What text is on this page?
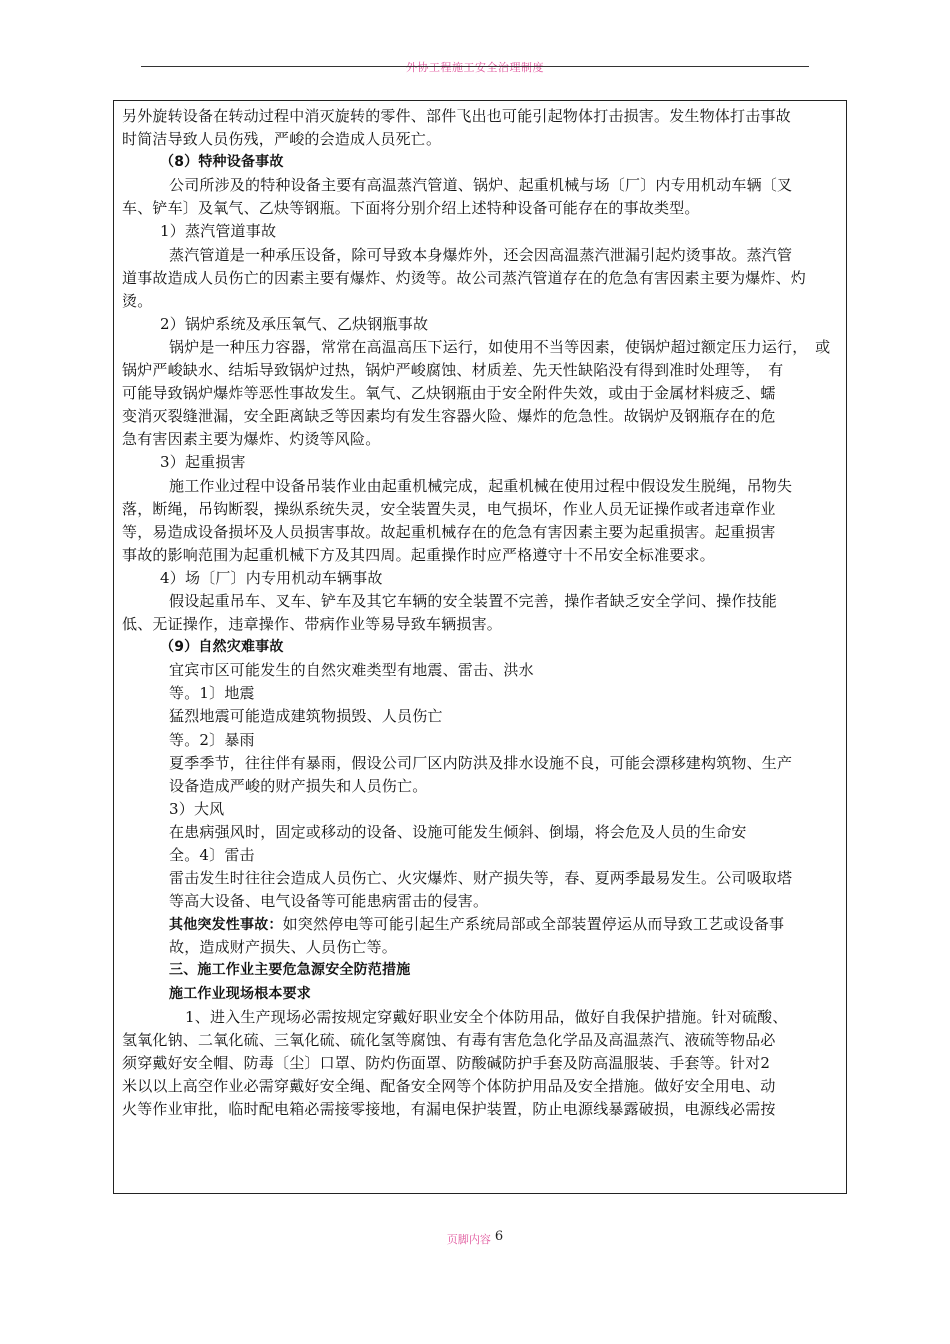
外协工程施工安全治理制度
另外旋转设备在转动过程中消灭旋转的零件、部件飞出也可能引起物体打击损害。发生物体打击事故
时简洁导致人员伤残，严峻的会造成人员死亡。
（8）特种设备事故
公司所涉及的特种设备主要有高温蒸汽管道、锅炉、起重机械与场〔厂〕内专用机动车辆〔叉
车、铲车〕及氧气、乙炔等钢瓶。下面将分别介绍上述特种设备可能存在的事故类型。
1）蒸汽管道事故
蒸汽管道是一种承压设备，除可导致本身爆炸外，还会因高温蒸汽泄漏引起灼烫事故。蒸汽管
道事故造成人员伤亡的因素主要有爆炸、灼烫等。故公司蒸汽管道存在的危急有害因素主要为爆炸、灼
烫。
2）锅炉系统及承压氧气、乙炔钢瓶事故
锅炉是一种压力容器，常常在高温高压下运行，如使用不当等因素，使锅炉超过额定压力运行，　或
锅炉严峻缺水、结垢导致锅炉过热，锅炉严峻腐蚀、材质差、先天性缺陷没有得到准时处理等，　有
可能导致锅炉爆炸等恶性事故发生。氧气、乙炔钢瓶由于安全附件失效，或由于金属材料疲乏、蠕
变消灭裂缝泄漏，安全距离缺乏等因素均有发生容器火险、爆炸的危急性。故锅炉及钢瓶存在的危
急有害因素主要为爆炸、灼烫等风险。
3）起重损害
施工作业过程中设备吊装作业由起重机械完成，起重机械在使用过程中假设发生脱绳，吊物失
落，断绳，吊钩断裂，操纵系统失灵，安全装置失灵，电气损坏，作业人员无证操作或者违章作业
等，易造成设备损坏及人员损害事故。故起重机械存在的危急有害因素主要为起重损害。起重损害
事故的影响范围为起重机械下方及其四周。起重操作时应严格遵守十不吊安全标准要求。
4）场〔厂〕内专用机动车辆事故
假设起重吊车、叉车、铲车及其它车辆的安全装置不完善，操作者缺乏安全学问、操作技能
低、无证操作，违章操作、带病作业等易导致车辆损害。
（9）自然灾难事故
宜宾市区可能发生的自然灾难类型有地震、雷击、洪水
等。1〕地震
猛烈地震可能造成建筑物损毁、人员伤亡
等。2〕暴雨
夏季季节，往往伴有暴雨，假设公司厂区内防洪及排水设施不良，可能会漂移建构筑物、生产
设备造成严峻的财产损失和人员伤亡。
3）大风
在患病强风时，固定或移动的设备、设施可能发生倾斜、倒塌，将会危及人员的生命安
全。4〕雷击
雷击发生时往往会造成人员伤亡、火灾爆炸、财产损失等，春、夏两季最易发生。公司吸取塔
等高大设备、电气设备等可能患病雷击的侵害。
其他突发性事故：如突然停电等可能引起生产系统局部或全部装置停运从而导致工艺或设备事
故，造成财产损失、人员伤亡等。
三、施工作业主要危急源安全防范措施
施工作业现场根本要求
1、进入生产现场必需按规定穿戴好职业安全个体防用品，做好自我保护措施。针对硫酸、
氢氧化钠、二氧化硫、三氧化硫、硫化氢等腐蚀、有毒有害危急化学品及高温蒸汽、液硫等物品必
须穿戴好安全帽、防毒〔尘〕口罩、防灼伤面罩、防酸碱防护手套及防高温服装、手套等。针对2
米以以上高空作业必需穿戴好安全绳、配备安全网等个体防护用品及安全措施。做好安全用电、动
火等作业审批，临时配电箱必需接零接地，有漏电保护装置，防止电源线暴露破损，电源线必需按
页脚内容 6
